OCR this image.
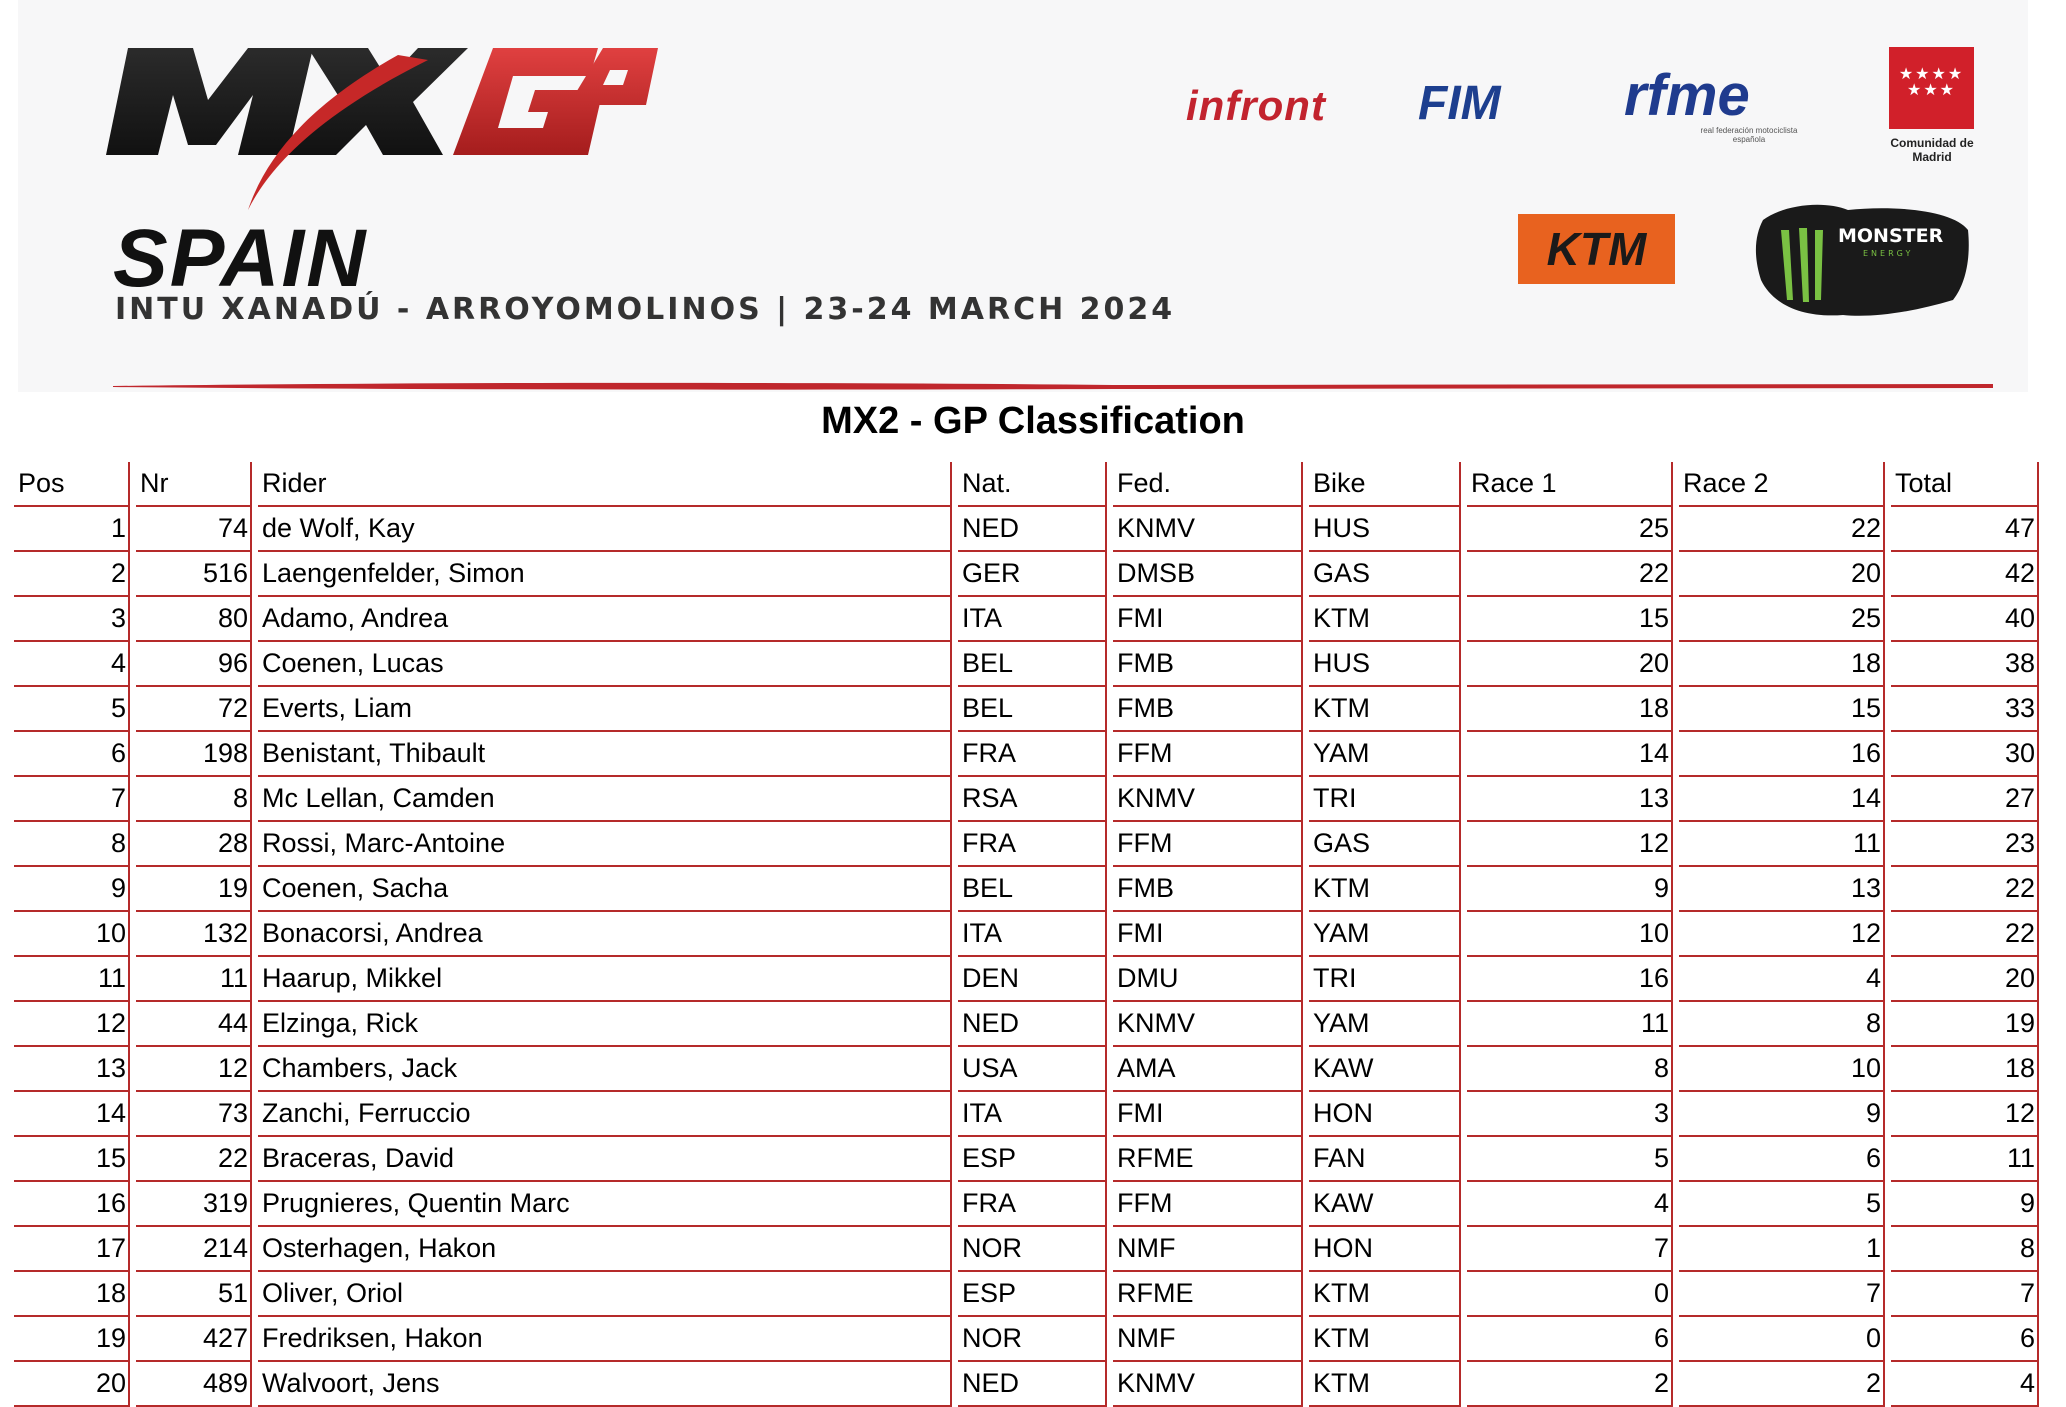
SPAIN
INTU XANADÚ - ARROYOMOLINOS | 23-24 MARCH 2024
infront FIM rfme
real federación motociclista española
★★★★
★★★
Comunidad de Madrid
KTM	MONSTER
ENERGY
MX2 - GP Classification
Pos	Nr	Rider	Nat.	Fed.	Bike	Race 1	Race 2	Total
1	74	de Wolf, Kay	NED	KNMV	HUS	25	22	47
2	516	Laengenfelder, Simon	GER	DMSB	GAS	22	20	42
3	80	Adamo, Andrea	ITA	FMI	KTM	15	25	40
4	96	Coenen, Lucas	BEL	FMB	HUS	20	18	38
5	72	Everts, Liam	BEL	FMB	KTM	18	15	33
6	198	Benistant, Thibault	FRA	FFM	YAM	14	16	30
7	8	Mc Lellan, Camden	RSA	KNMV	TRI	13	14	27
8	28	Rossi, Marc-Antoine	FRA	FFM	GAS	12	11	23
9	19	Coenen, Sacha	BEL	FMB	KTM	9	13	22
10	132	Bonacorsi, Andrea	ITA	FMI	YAM	10	12	22
11	11	Haarup, Mikkel	DEN	DMU	TRI	16	4	20
12	44	Elzinga, Rick	NED	KNMV	YAM	11	8	19
13	12	Chambers, Jack	USA	AMA	KAW	8	10	18
14	73	Zanchi, Ferruccio	ITA	FMI	HON	3	9	12
15	22	Braceras, David	ESP	RFME	FAN	5	6	11
16	319	Prugnieres, Quentin Marc	FRA	FFM	KAW	4	5	9
17	214	Osterhagen, Hakon	NOR	NMF	HON	7	1	8
18	51	Oliver, Oriol	ESP	RFME	KTM	0	7	7
19	427	Fredriksen, Hakon	NOR	NMF	KTM	6	0	6
20	489	Walvoort, Jens	NED	KNMV	KTM	2	2	4
